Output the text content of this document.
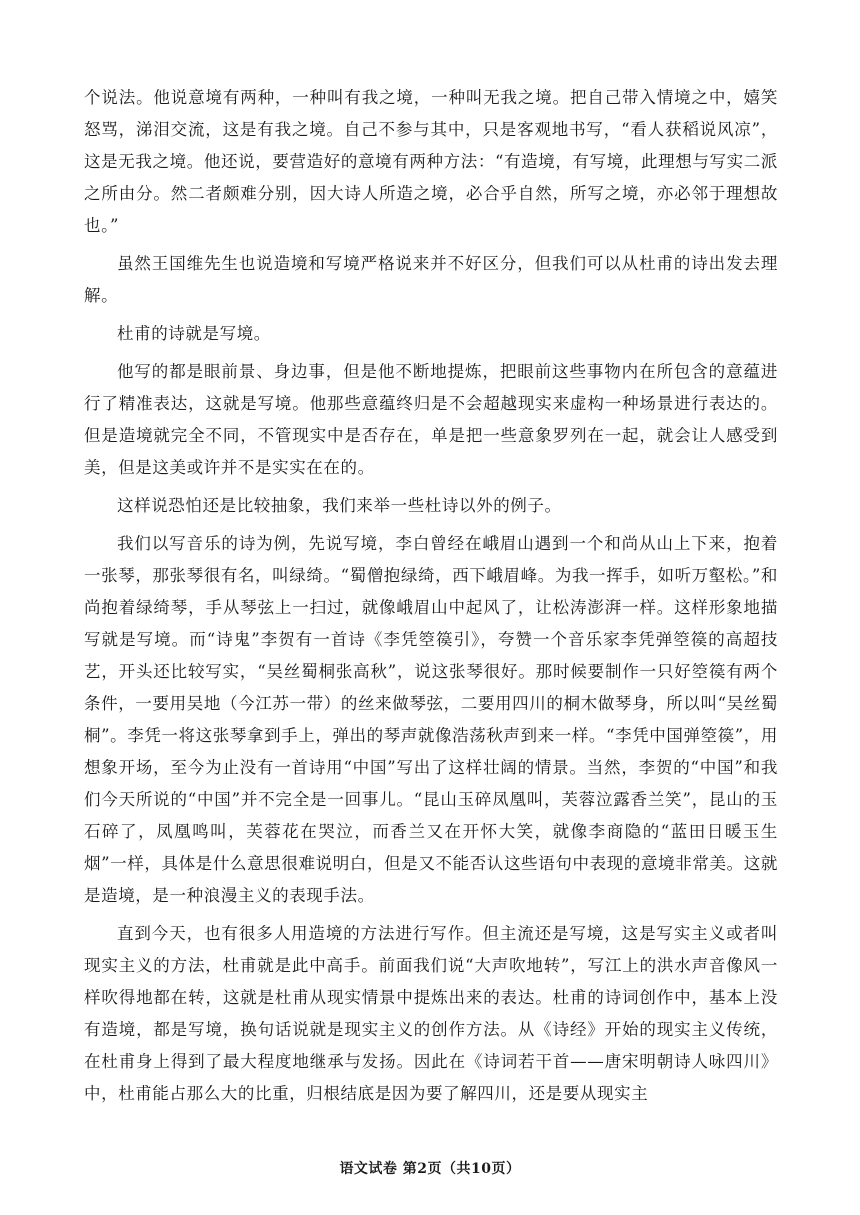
个说法。他说意境有两种，一种叫有我之境，一种叫无我之境。把自己带入情境之中，嬉笑怒骂，涕泪交流，这是有我之境。自己不参与其中，只是客观地书写，“看人获稻说风凉”，这是无我之境。他还说，要营造好的意境有两种方法：“有造境，有写境，此理想与写实二派之所由分。然二者颇难分别，因大诗人所造之境，必合乎自然，所写之境，亦必邻于理想故也。”

虽然王国维先生也说造境和写境严格说来并不好区分，但我们可以从杜甫的诗出发去理解。

杜甫的诗就是写境。

他写的都是眼前景、身边事，但是他不断地提炼，把眼前这些事物内在所包含的意蕴进行了精准表达，这就是写境。他那些意蕴终归是不会超越现实来虚构一种场景进行表达的。但是造境就完全不同，不管现实中是否存在，单是把一些意象罗列在一起，就会让人感受到美，但是这美或许并不是实实在在的。

这样说恐怕还是比较抽象，我们来举一些杜诗以外的例子。

我们以写音乐的诗为例，先说写境，李白曾经在峨眉山遇到一个和尚从山上下来，抱着一张琴，那张琴很有名，叫绿绮。“蜀僧抱绿绮，西下峨眉峰。为我一挥手，如听万壑松。”和尚抱着绿绮琴，手从琴弦上一扫过，就像峨眉山中起风了，让松涛澎湃一样。这样形象地描写就是写境。而“诗鬼”李贺有一首诗《李凭箜篌引》，夸赞一个音乐家李凭弹箜篌的高超技艺，开头还比较写实，“吴丝蜀桐张高秋”，说这张琴很好。那时候要制作一只好箜篌有两个条件，一要用吴地（今江苏一带）的丝来做琴弦，二要用四川的桐木做琴身，所以叫“吴丝蜀桐”。李凭一将这张琴拿到手上，弹出的琴声就像浩荡秋声到来一样。“李凭中国弹箜篌”，用想象开场，至今为止没有一首诗用“中国”写出了这样壮阔的情景。当然，李贺的“中国”和我们今天所说的“中国”并不完全是一回事儿。“昆山玉碎凤凰叫，芙蓉泣露香兰笑”，昆山的玉石碎了，凤凰鸣叫，芙蓉花在哭泣，而香兰又在开怀大笑，就像李商隐的“蓝田日暖玉生烟”一样，具体是什么意思很难说明白，但是又不能否认这些语句中表现的意境非常美。这就是造境，是一种浪漫主义的表现手法。

直到今天，也有很多人用造境的方法进行写作。但主流还是写境，这是写实主义或者叫现实主义的方法，杜甫就是此中高手。前面我们说“大声吹地转”，写江上的洪水声音像风一样吹得地都在转，这就是杜甫从现实情景中提炼出来的表达。杜甫的诗词创作中，基本上没有造境，都是写境，换句话说就是现实主义的创作方法。从《诗经》开始的现实主义传统，在杜甫身上得到了最大程度地继承与发扬。因此在《诗词若干首——唐宋明朝诗人咏四川》中，杜甫能占那么大的比重，归根结底是因为要了解四川，还是要从现实主

语文试卷 第2页（共10页）
